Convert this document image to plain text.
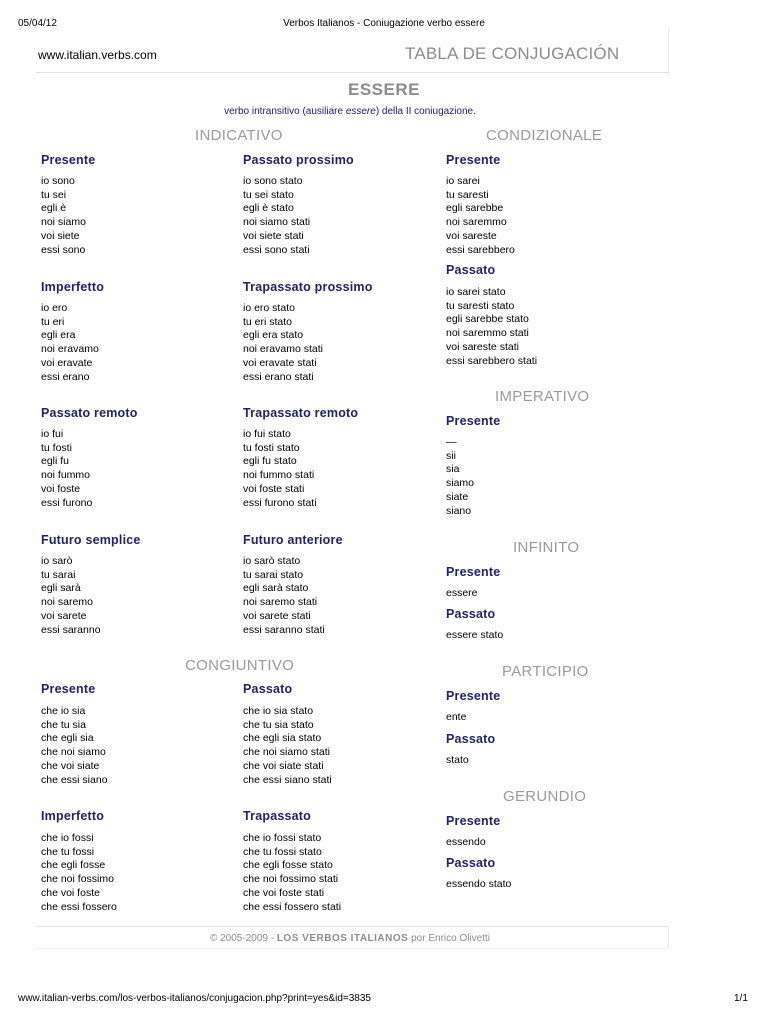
05/04/12	Verbos Italianos - Coniugazione verbo essere
www.italian.verbs.com	TABLA DE CONJUGACIÓN
ESSERE
verbo intransitivo (ausiliare essere) della II coniugazione.
INDICATIVO	CONDIZIONALE
Presente
io sono
tu sei
egli è
noi siamo
voi siete
essi sono
Imperfetto
io ero
tu eri
egli era
noi eravamo
voi eravate
essi erano
Passato remoto
io fui
tu fosti
egli fu
noi fummo
voi foste
essi furono
Futuro semplice
io sarò
tu sarai
egli sarà
noi saremo
voi sarete
essi saranno
Passato prossimo
io sono stato
tu sei stato
egli è stato
noi siamo stati
voi siete stati
essi sono stati
Trapassato prossimo
io ero stato
tu eri stato
egli era stato
noi eravamo stati
voi eravate stati
essi erano stati
Trapassato remoto
io fui stato
tu fosti stato
egli fu stato
noi fummo stati
voi foste stati
essi furono stati
Futuro anteriore
io sarò stato
tu sarai stato
egli sarà stato
noi saremo stati
voi sarete stati
essi saranno stati
CONGIUNTIVO
Presente
che io sia
che tu sia
che egli sia
che noi siamo
che voi siate
che essi siano
Passato
che io sia stato
che tu sia stato
che egli sia stato
che noi siamo stati
che voi siate stati
che essi siano stati
Imperfetto
che io fossi
che tu fossi
che egli fosse
che noi fossimo
che voi foste
che essi fossero
Trapassato
che io fossi stato
che tu fossi stato
che egli fosse stato
che noi fossimo stati
che voi foste stati
che essi fossero stati
Presente
io sarei
tu saresti
egli sarebbe
noi saremmo
voi sareste
essi sarebbero
Passato
io sarei stato
tu saresti stato
egli sarebbe stato
noi saremmo stati
voi sareste stati
essi sarebbero stati
IMPERATIVO
Presente
—
sii
sia
siamo
siate
siano
INFINITO
Presente
essere
Passato
essere stato
PARTICIPIO
Presente
ente
Passato
stato
GERUNDIO
Presente
essendo
Passato
essendo stato
© 2005-2009 - LOS VERBOS ITALIANOS por Enrico Olivetti
www.italian-verbs.com/los-verbos-italianos/conjugacion.php?print=yes&id=3835	1/1
